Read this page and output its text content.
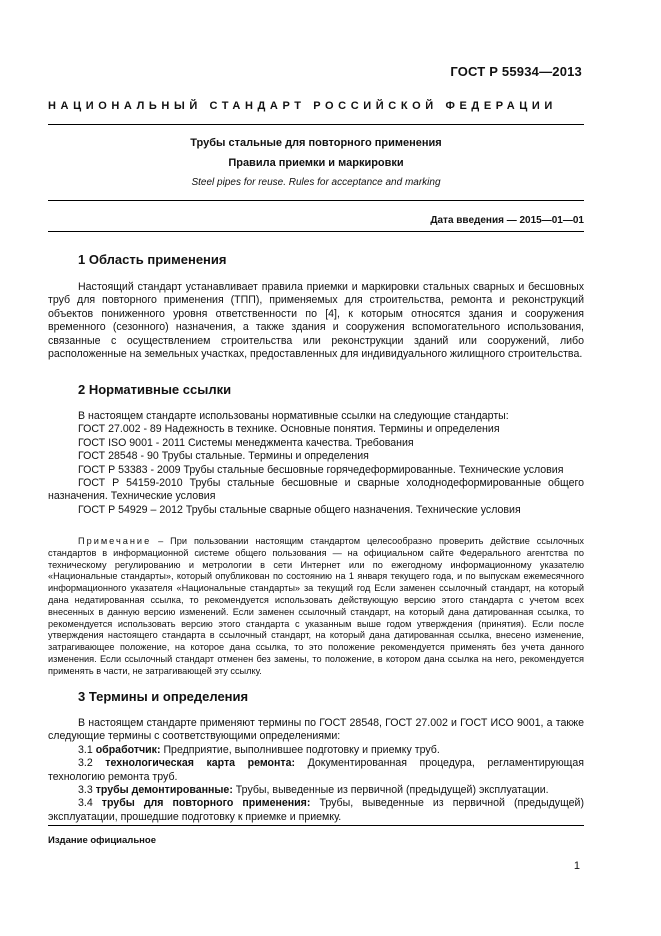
ГОСТ Р 55934—2013
НАЦИОНАЛЬНЫЙ СТАНДАРТ РОССИЙСКОЙ ФЕДЕРАЦИИ
Трубы стальные для повторного применения
Правила приемки и маркировки
Steel pipes for reuse. Rules for acceptance and marking
Дата введения — 2015—01—01
1 Область применения

Настоящий стандарт устанавливает правила приемки и маркировки стальных сварных и бесшовных труб для повторного применения (ТПП), применяемых для строительства, ремонта и реконструкций объектов пониженного уровня ответственности по [4], к которым относятся здания и сооружения временного (сезонного) назначения, а также здания и сооружения вспомогательного использования, связанные с осуществлением строительства или реконструкции зданий или сооружений, либо расположенные на земельных участках, предоставленных для индивидуального жилищного строительства.

2 Нормативные ссылки

В настоящем стандарте использованы нормативные ссылки на следующие стандарты:

ГОСТ 27.002 - 89 Надежность в технике. Основные понятия. Термины и определения

ГОСТ ISO 9001 - 2011 Системы менеджмента качества. Требования

ГОСТ 28548 - 90 Трубы стальные. Термины и определения

ГОСТ Р 53383 - 2009 Трубы стальные бесшовные горячедеформированные. Технические условия

ГОСТ Р 54159-2010 Трубы стальные бесшовные и сварные холоднодеформированные общего назначения. Технические условия

ГОСТ Р 54929 – 2012 Трубы стальные сварные общего назначения. Технические условия

Примечание – При пользовании настоящим стандартом целесообразно проверить действие ссылочных стандартов в информационной системе общего пользования — на официальном сайте Федерального агентства по техническому регулированию и метрологии в сети Интернет или по ежегодному информационному указателю «Национальные стандарты», который опубликован по состоянию на 1 января текущего года, и по выпускам ежемесячного информационного указателя «Национальные стандарты» за текущий год Если заменен ссылочный стандарт, на который дана недатированная ссылка, то рекомендуется использовать действующую версию этого стандарта с учетом всех внесенных в данную версию изменений. Если заменен ссылочный стандарт, на который дана датированная ссылка, то рекомендуется использовать версию этого стандарта с указанным выше годом утверждения (принятия). Если после утверждения настоящего стандарта в ссылочный стандарт, на который дана датированная ссылка, внесено изменение, затрагивающее положение, на которое дана ссылка, то это положение рекомендуется применять без учета данного изменения. Если ссылочный стандарт отменен без замены, то положение, в котором дана ссылка на него, рекомендуется применять в части, не затрагивающей эту ссылку.
3 Термины и определения

В настоящем стандарте применяют термины по ГОСТ 28548, ГОСТ 27.002 и ГОСТ ИСО 9001, а также следующие термины с соответствующими определениями:

3.1 обработчик: Предприятие, выполнившее подготовку и приемку труб.

3.2 технологическая карта ремонта: Документированная процедура, регламентирующая технологию ремонта труб.

3.3 трубы демонтированные: Трубы, выведенные из первичной (предыдущей) эксплуатации.

3.4 трубы для повторного применения: Трубы, выведенные из первичной (предыдущей) эксплуатации, прошедшие подготовку к приемке и приемку.

Издание официальное
1
